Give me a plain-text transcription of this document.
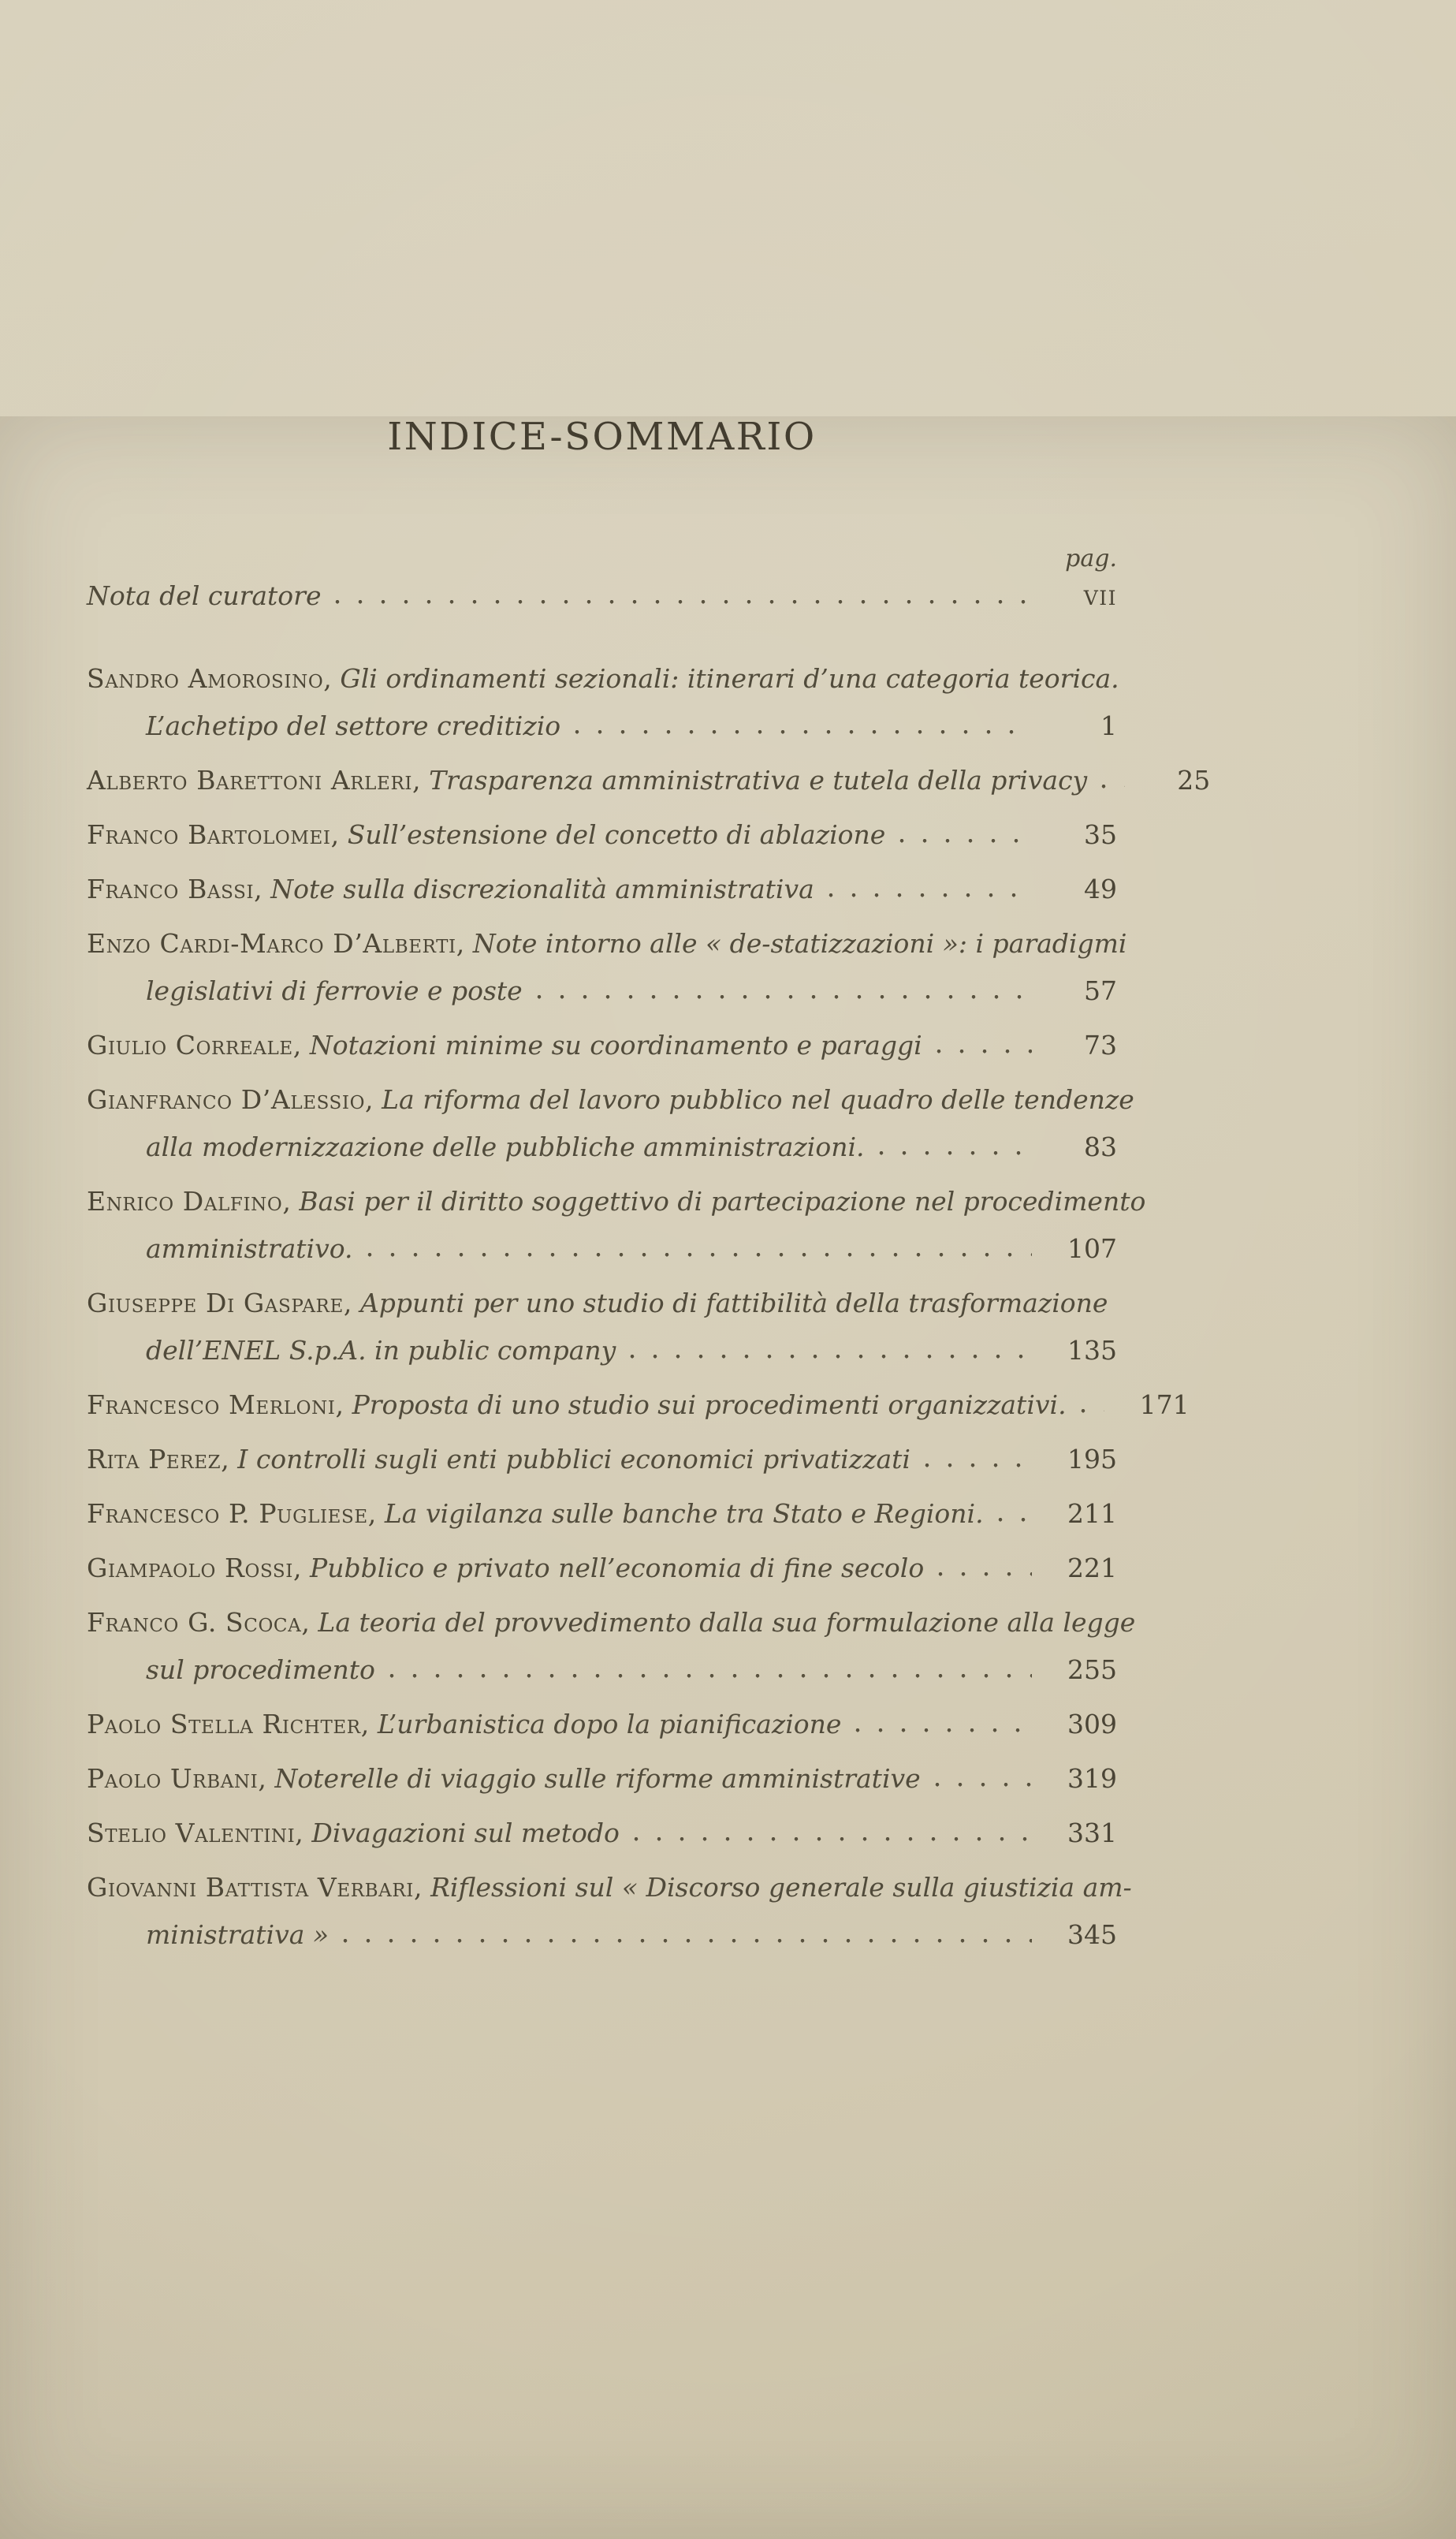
INDICE-SOMMARIO
pag.
Nota del curatore	VII
Sandro Amorosino, Gli ordinamenti sezionali: itinerari d’una categoria teorica.
L’achetipo del settore creditizio	1
Alberto Barettoni Arleri, Trasparenza amministrativa e tutela della privacy	25
Franco Bartolomei, Sull’estensione del concetto di ablazione	35
Franco Bassi, Note sulla discrezionalità amministrativa	49
Enzo Cardi-Marco D’Alberti, Note intorno alle « de-statizzazioni »: i paradigmi
legislativi di ferrovie e poste	57
Giulio Correale, Notazioni minime su coordinamento e paraggi	73
Gianfranco D’Alessio, La riforma del lavoro pubblico nel quadro delle tendenze
alla modernizzazione delle pubbliche amministrazioni.	83
Enrico Dalfino, Basi per il diritto soggettivo di partecipazione nel procedimento
amministrativo.	107
Giuseppe Di Gaspare, Appunti per uno studio di fattibilità della trasformazione
dell’ENEL S.p.A. in public company	135
Francesco Merloni, Proposta di uno studio sui procedimenti organizzativi.	171
Rita Perez, I controlli sugli enti pubblici economici privatizzati	195
Francesco P. Pugliese, La vigilanza sulle banche tra Stato e Regioni.	211
Giampaolo Rossi, Pubblico e privato nell’economia di fine secolo	221
Franco G. Scoca, La teoria del provvedimento dalla sua formulazione alla legge
sul procedimento	255
Paolo Stella Richter, L’urbanistica dopo la pianificazione	309
Paolo Urbani, Noterelle di viaggio sulle riforme amministrative	319
Stelio Valentini, Divagazioni sul metodo	331
Giovanni Battista Verbari, Riflessioni sul « Discorso generale sulla giustizia am-
ministrativa »	345
